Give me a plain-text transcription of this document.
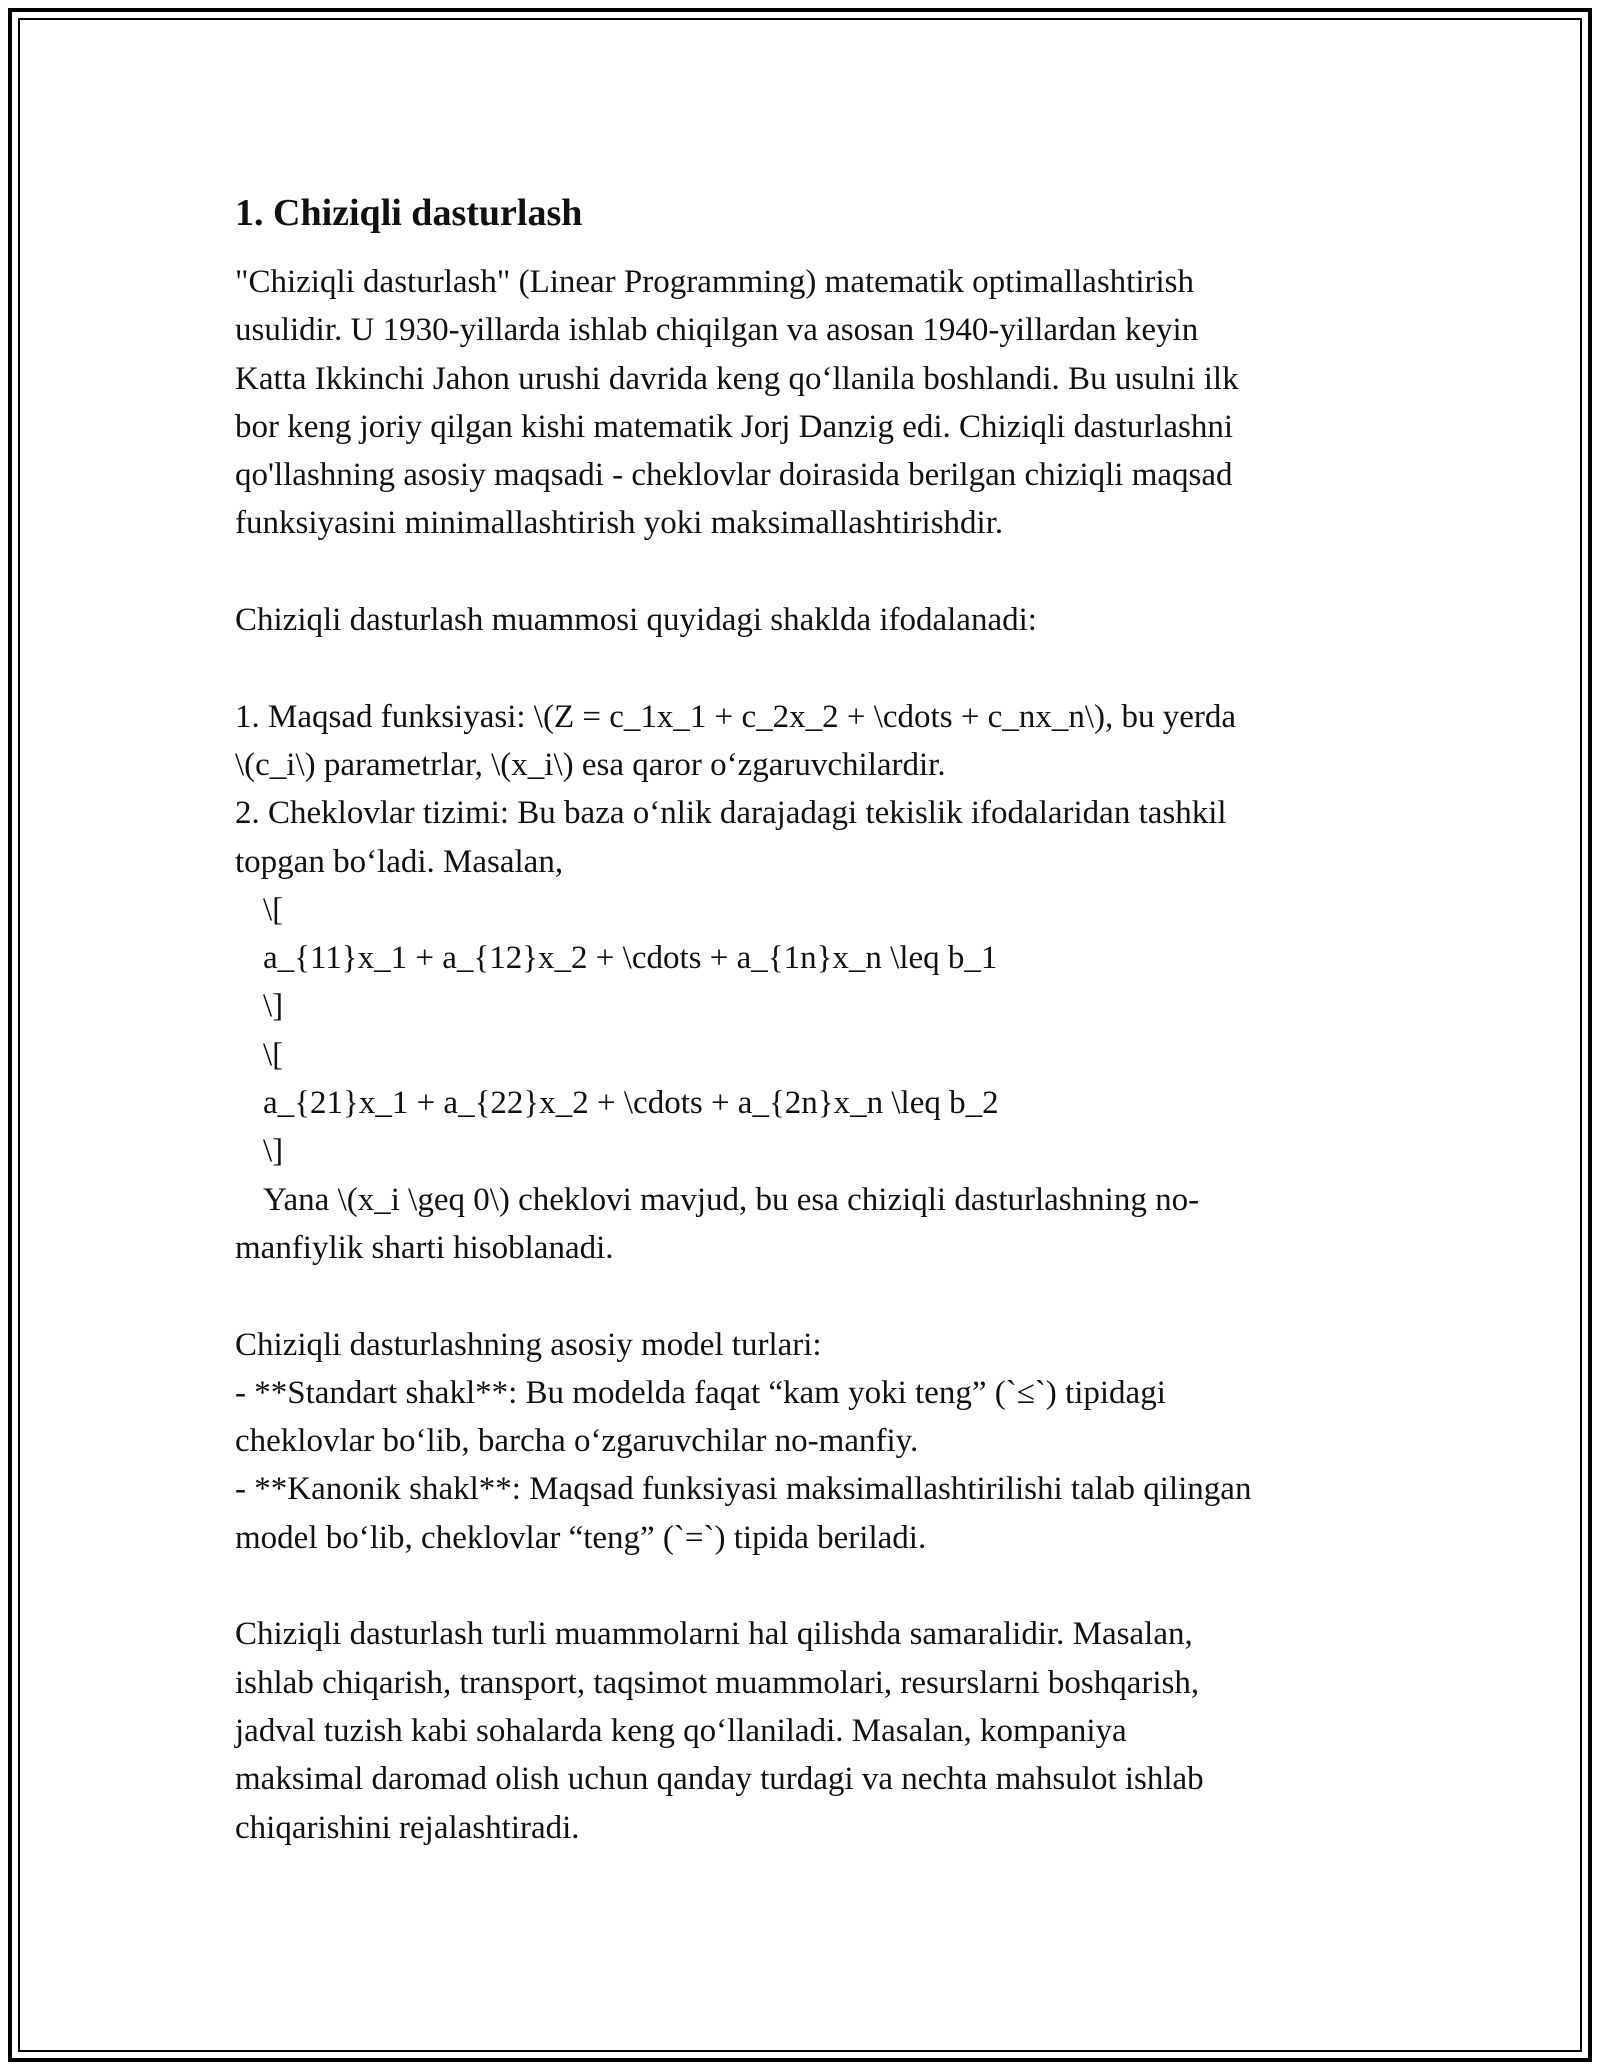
1. Chiziqli dasturlash

"Chiziqli dasturlash" (Linear Programming) matematik optimallashtirish

usulidir. U 1930-yillarda ishlab chiqilgan va asosan 1940-yillardan keyin

Katta Ikkinchi Jahon urushi davrida keng qo‘llanila boshlandi. Bu usulni ilk

bor keng joriy qilgan kishi matematik Jorj Danzig edi. Chiziqli dasturlashni

qo'llashning asosiy maqsadi - cheklovlar doirasida berilgan chiziqli maqsad

funksiyasini minimallashtirish yoki maksimallashtirishdir.

Chiziqli dasturlash muammosi quyidagi shaklda ifodalanadi:

1. Maqsad funksiyasi: \(Z = c_1x_1 + c_2x_2 + \cdots + c_nx_n\), bu yerda

\(c_i\) parametrlar, \(x_i\) esa qaror o‘zgaruvchilardir.

2. Cheklovlar tizimi: Bu baza o‘nlik darajadagi tekislik ifodalaridan tashkil

topgan bo‘ladi. Masalan,

\[

a_{11}x_1 + a_{12}x_2 + \cdots + a_{1n}x_n \leq b_1

\]

\[

a_{21}x_1 + a_{22}x_2 + \cdots + a_{2n}x_n \leq b_2

\]

Yana \(x_i \geq 0\) cheklovi mavjud, bu esa chiziqli dasturlashning no-

manfiylik sharti hisoblanadi.

Chiziqli dasturlashning asosiy model turlari:

- **Standart shakl**: Bu modelda faqat “kam yoki teng” (`≤`) tipidagi

cheklovlar bo‘lib, barcha o‘zgaruvchilar no-manfiy.

- **Kanonik shakl**: Maqsad funksiyasi maksimallashtirilishi talab qilingan

model bo‘lib, cheklovlar “teng” (`=`) tipida beriladi.

Chiziqli dasturlash turli muammolarni hal qilishda samaralidir. Masalan,

ishlab chiqarish, transport, taqsimot muammolari, resurslarni boshqarish,

jadval tuzish kabi sohalarda keng qo‘llaniladi. Masalan, kompaniya

maksimal daromad olish uchun qanday turdagi va nechta mahsulot ishlab

chiqarishini rejalashtiradi.
